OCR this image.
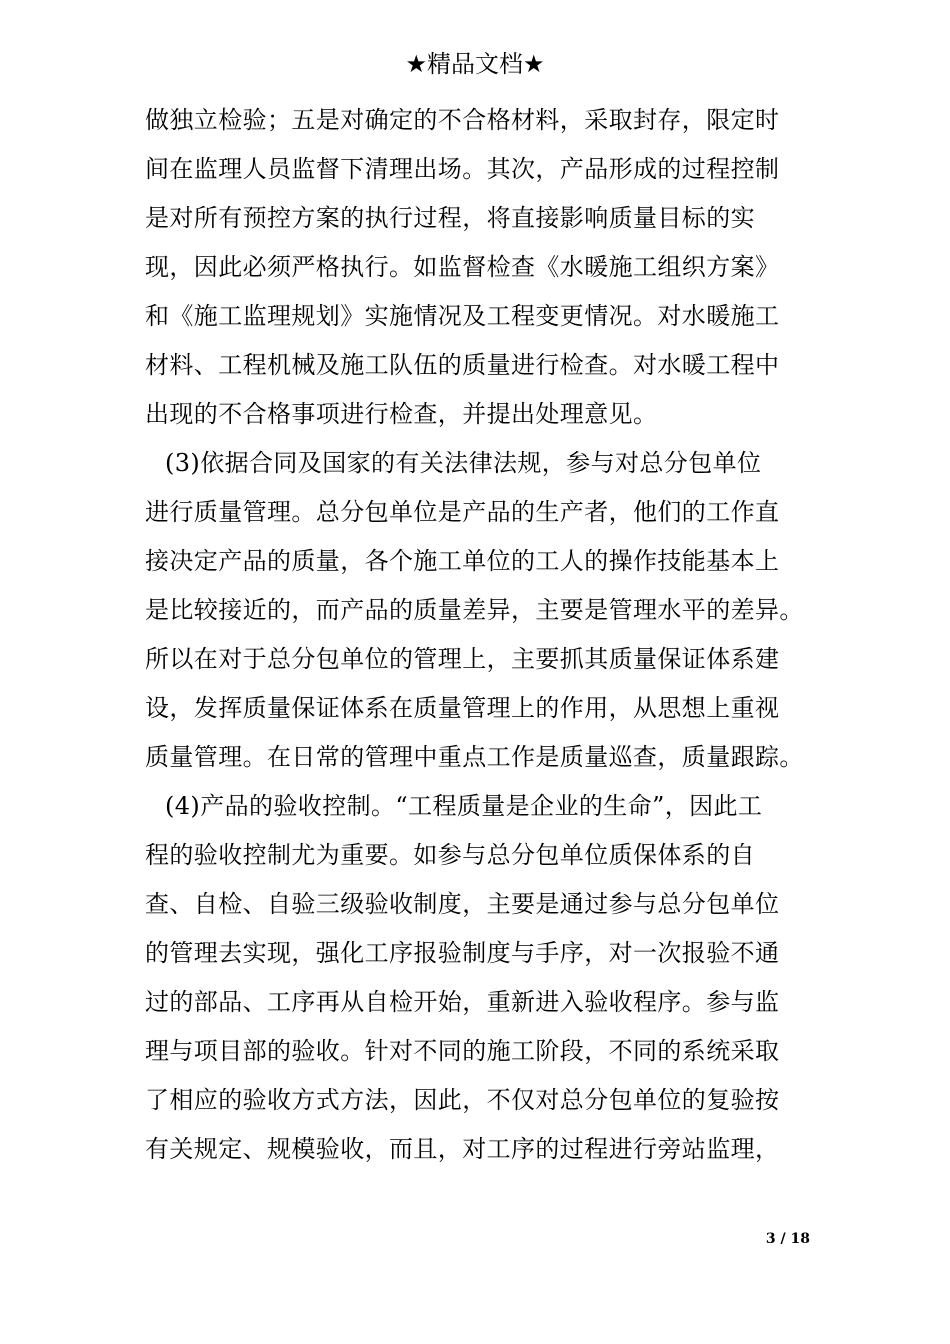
★精品文档★
做独立检验；五是对确定的不合格材料，采取封存，限定时
间在监理人员监督下清理出场。其次，产品形成的过程控制
是对所有预控方案的执行过程，将直接影响质量目标的实
现，因此必须严格执行。如监督检查《水暖施工组织方案》
和《施工监理规划》实施情况及工程变更情况。对水暖施工
材料、工程机械及施工队伍的质量进行检查。对水暖工程中
出现的不合格事项进行检查，并提出处理意见。
(3)依据合同及国家的有关法律法规，参与对总分包单位
进行质量管理。总分包单位是产品的生产者，他们的工作直
接决定产品的质量，各个施工单位的工人的操作技能基本上
是比较接近的，而产品的质量差异，主要是管理水平的差异。
所以在对于总分包单位的管理上，主要抓其质量保证体系建
设，发挥质量保证体系在质量管理上的作用，从思想上重视
质量管理。在日常的管理中重点工作是质量巡查，质量跟踪。
(4)产品的验收控制。“工程质量是企业的生命”，因此工
程的验收控制尤为重要。如参与总分包单位质保体系的自
查、自检、自验三级验收制度，主要是通过参与总分包单位
的管理去实现，强化工序报验制度与手序，对一次报验不通
过的部品、工序再从自检开始，重新进入验收程序。参与监
理与项目部的验收。针对不同的施工阶段，不同的系统采取
了相应的验收方式方法，因此，不仅对总分包单位的复验按
有关规定、规模验收，而且，对工序的过程进行旁站监理，
3 / 18
